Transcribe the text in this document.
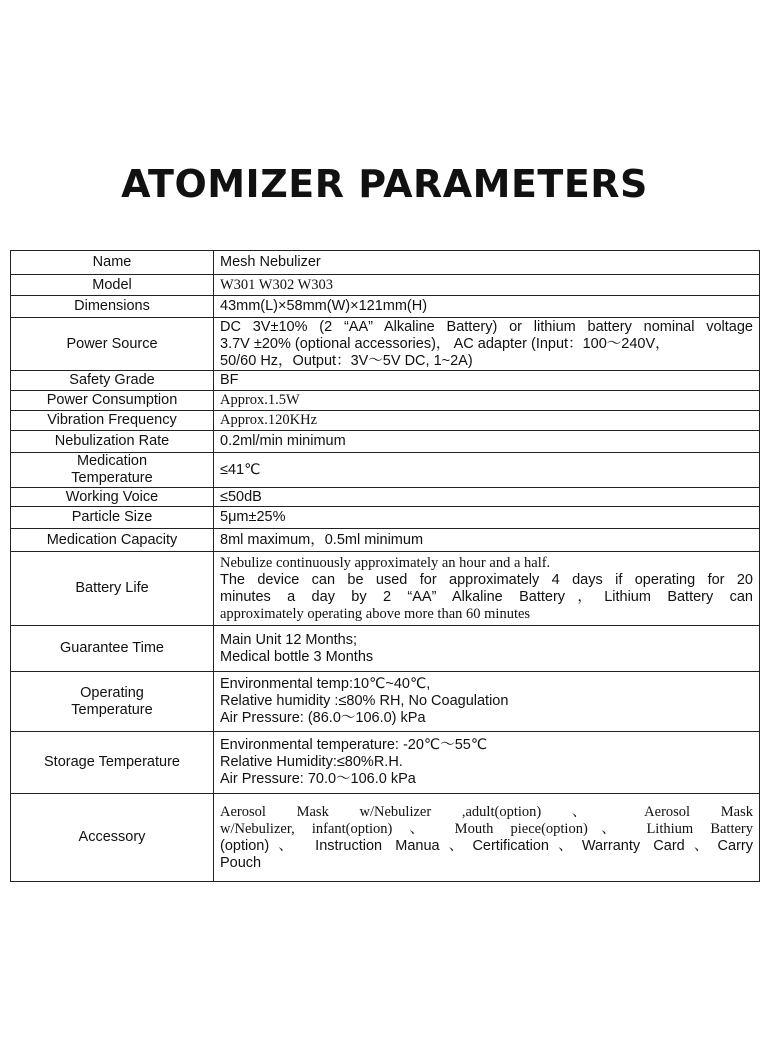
ATOMIZER PARAMETERS
Name	Mesh Nebulizer
Model	W301 W302 W303
Dimensions	43mm(L)×58mm(W)×121mm(H)
Power Source	DC 3V±10% (2 “AA” Alkaline Battery) or lithium battery nominal voltage
3.7V ±20% (optional accessories)， AC adapter (Input：100～240V，
50/60 Hz，Output：3V～5V DC, 1~2A)

Safety Grade	BF
Power Consumption	Approx.1.5W
Vibration Frequency	Approx.120KHz
Nebulization Rate	0.2ml/min minimum

Medication
Temperature	≤41℃
Working Voice	≤50dB
Particle Size	5μm±25%
Medication Capacity	8ml maximum，0.5ml minimum
Battery Life	Nebulize continuously approximately an hour and a half.
The device can be used for approximately 4 days if operating for 20
minutes a day by 2 “AA” Alkaline Battery，Lithium Battery can
approximately operating above more than 60 minutes

Guarantee Time	Main Unit 12 Months;
Medical bottle 3 Months

Operating
Temperature	Environmental temp:10℃~40℃,
Relative humidity :≤80% RH, No Coagulation
Air Pressure: (86.0～106.0) kPa

Storage Temperature	Environmental temperature: -20℃～55℃
Relative Humidity:≤80%R.H.
Air Pressure: 70.0～106.0 kPa

Accessory	Aerosol Mask w/Nebulizer ,adult(option) 、 Aerosol Mask
w/Nebulizer, infant(option) 、 Mouth piece(option)、 Lithium Battery
(option)、 Instruction Manua、Certification、Warranty Card、Carry
Pouch
